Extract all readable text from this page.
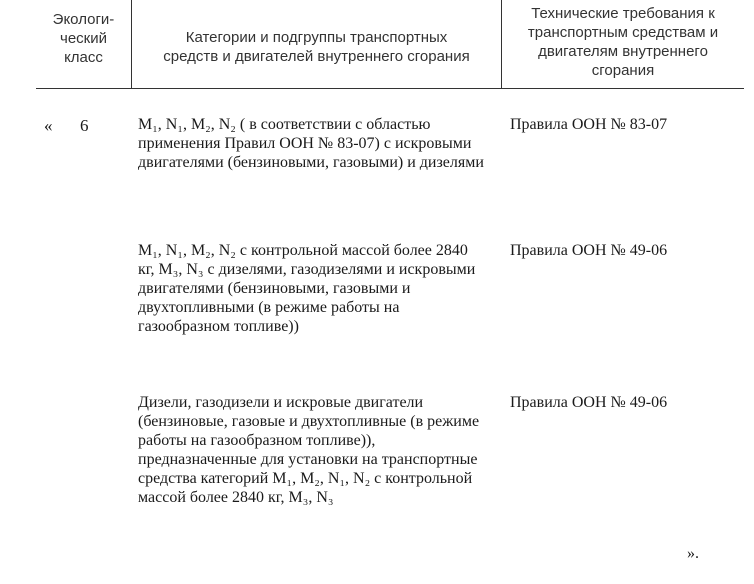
Экологи-
ческий
класс
Категории и подгруппы транспортных
средств и двигателей внутреннего сгорания
Технические требования к
транспортным средствам и
двигателям внутреннего
сгорания
« 6	M₁, N₁, M₂, N₂ ( в соответствии с областью применения Правил ООН № 83-07) с искровыми двигателями (бензиновыми, газовыми) и дизелями
Правила ООН № 83-07
M₁, N₁, M₂, N₂ с контрольной массой более 2840 кг, M₃, N₃ с дизелями, газодизелями и искровыми двигателями (бензиновыми, газовыми и двухтопливными (в режиме работы на газообразном топливе))
Правила ООН № 49-06
Дизели, газодизели и искровые двигатели (бензиновые, газовые и двухтопливные (в режиме работы на газообразном топливе)), предназначенные для установки на транспортные средства категорий M₁, M₂, N₁, N₂ с контрольной массой более 2840 кг, M₃, N₃
Правила ООН № 49-06
».
